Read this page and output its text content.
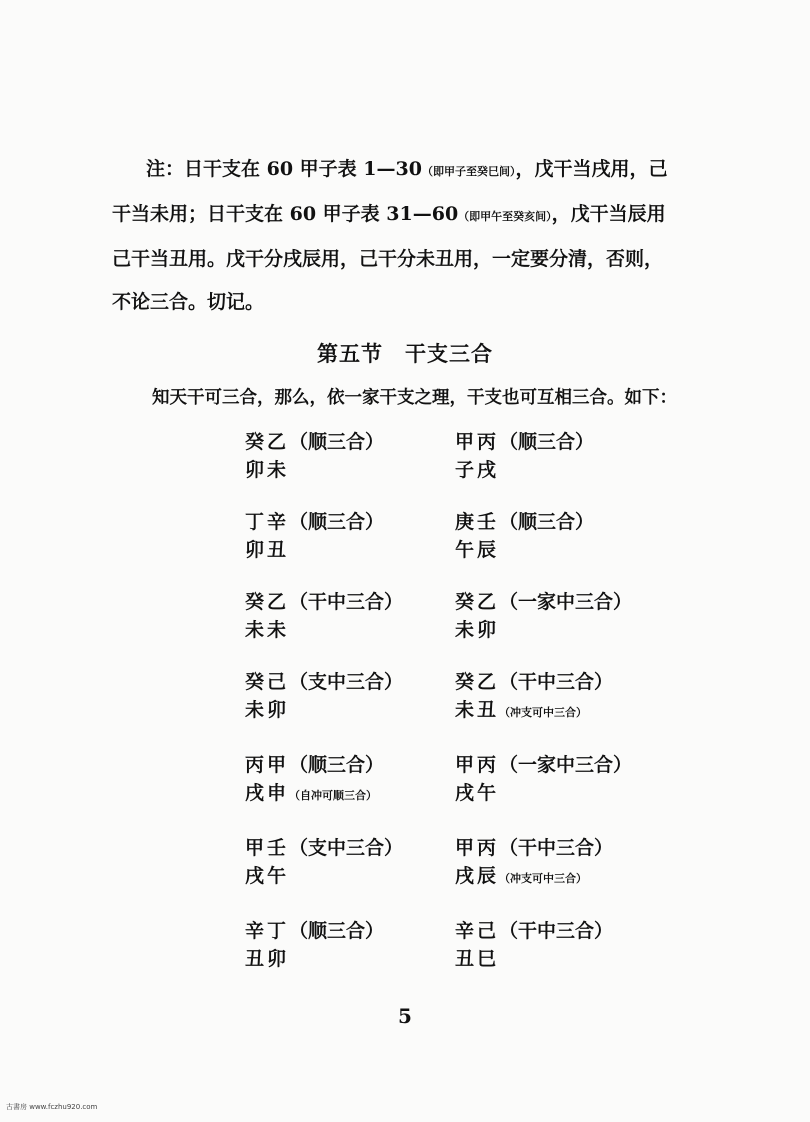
注：日干支在 60 甲子表 1—30（即甲子至癸巳间），戊干当戌用，己
干当未用；日干支在 60 甲子表 31—60（即甲午至癸亥间），戊干当辰用
己干当丑用。戊干分戌辰用，己干分未丑用，一定要分清，否则，
不论三合。切记。
第五节　干支三合
知天干可三合，那么，依一家干支之理，干支也可互相三合。如下：
癸乙（顺三合）
卯未
甲丙（顺三合）
子戌
丁辛（顺三合）
卯丑
庚壬（顺三合）
午辰
癸乙（干中三合）
未未
癸乙（一家中三合）
未卯
癸己（支中三合）
未卯
癸乙（干中三合）
未丑（冲支可中三合）
丙甲（顺三合）
戌申（自冲可顺三合）
甲丙（一家中三合）
戌午
甲壬（支中三合）
戌午
甲丙（干中三合）
戌辰（冲支可中三合）
辛丁（顺三合）
丑卯
辛己（干中三合）
丑巳
5
古書房 www.fczhu920.com
